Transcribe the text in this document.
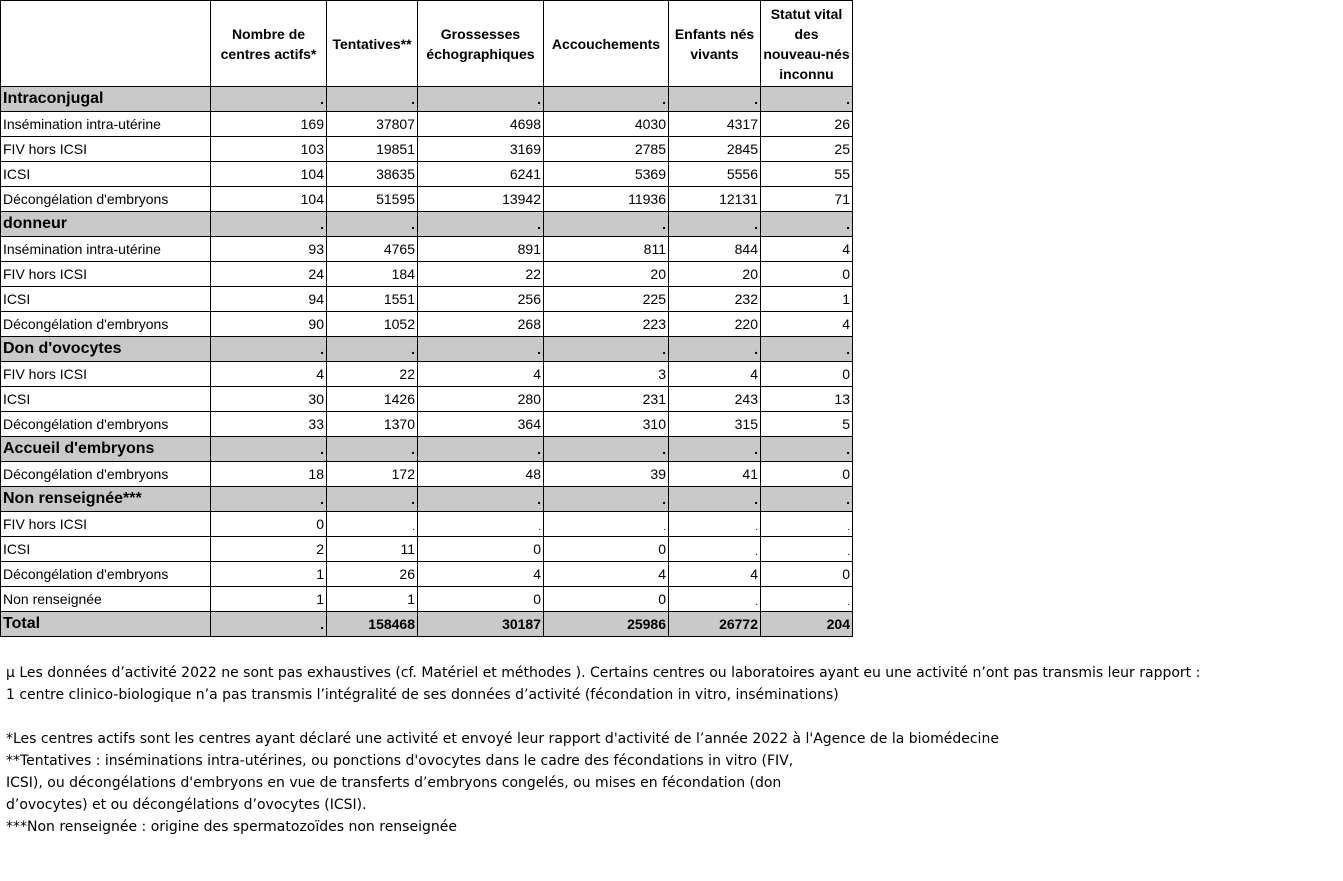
	Nombre de centres actifs*	Tentatives**	Grossesses échographiques	Accouchements	Enfants nés vivants	Statut vital des nouveau-nés inconnu
Intraconjugal	.	.	.	.	.	.
Insémination intra-utérine	169	37807	4698	4030	4317	26
FIV hors ICSI	103	19851	3169	2785	2845	25
ICSI	104	38635	6241	5369	5556	55
Décongélation d'embryons	104	51595	13942	11936	12131	71
donneur	.	.	.	.	.	.
Insémination intra-utérine	93	4765	891	811	844	4
FIV hors ICSI	24	184	22	20	20	0
ICSI	94	1551	256	225	232	1
Décongélation d'embryons	90	1052	268	223	220	4
Don d'ovocytes	.	.	.	.	.	.
FIV hors ICSI	4	22	4	3	4	0
ICSI	30	1426	280	231	243	13
Décongélation d'embryons	33	1370	364	310	315	5
Accueil d'embryons	.	.	.	.	.	.
Décongélation d'embryons	18	172	48	39	41	0
Non renseignée***	.	.	.	.	.	.
FIV hors ICSI	0	.	.	.	.	.
ICSI	2	11	0	0	.	.
Décongélation d'embryons	1	26	4	4	4	0
Non renseignée	1	1	0	0	.	.
Total	.	158468	30187	25986	26772	204

µ Les données d’activité 2022 ne sont pas exhaustives (cf. Matériel et méthodes ). Certains centres ou laboratoires ayant eu une activité n’ont pas transmis leur rapport :

1 centre clinico-biologique n’a pas transmis l’intégralité de ses données d’activité (fécondation in vitro, inséminations)

*Les centres actifs sont les centres ayant déclaré une activité et envoyé leur rapport d'activité de l’année 2022 à l'Agence de la biomédecine

**Tentatives : inséminations intra-utérines, ou ponctions d'ovocytes dans le cadre des fécondations in vitro (FIV,

ICSI), ou décongélations d'embryons en vue de transferts d’embryons congelés, ou mises en fécondation (don

d’ovocytes) et ou décongélations d’ovocytes (ICSI).

***Non renseignée : origine des spermatozoïdes non renseignée
